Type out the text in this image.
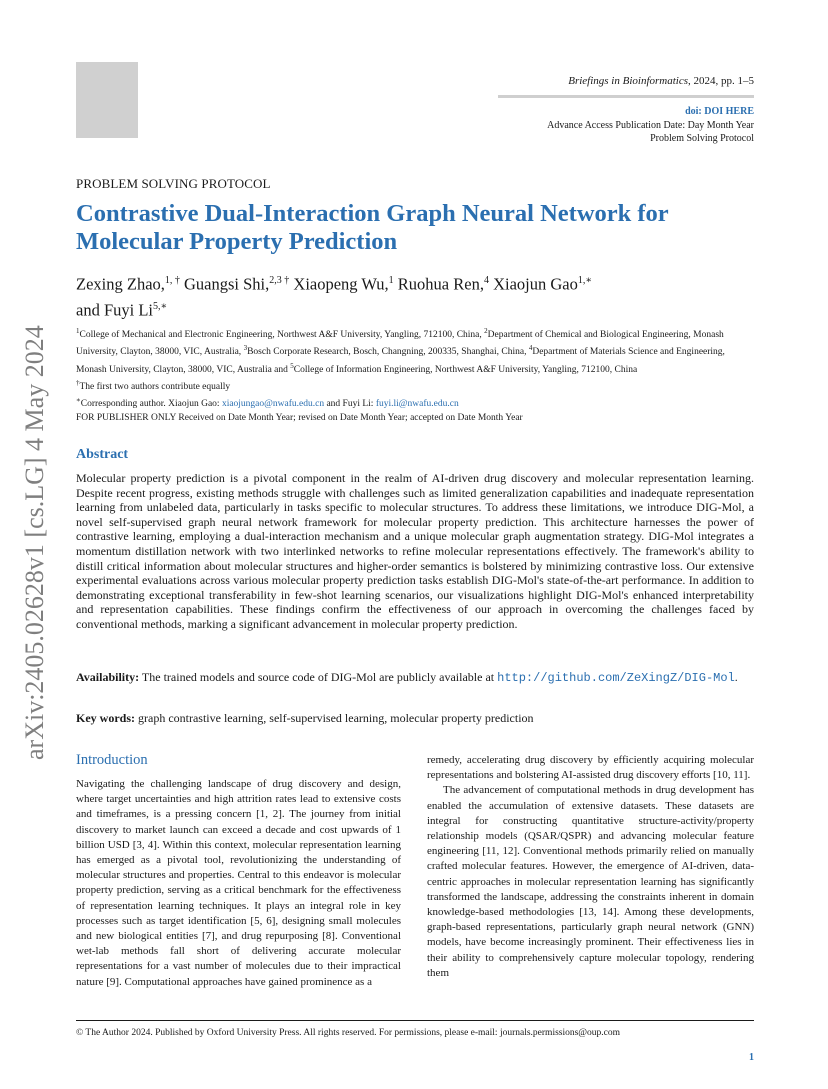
Briefings in Bioinformatics, 2024, pp. 1–5
doi: DOI HERE
Advance Access Publication Date: Day Month Year
Problem Solving Protocol
PROBLEM SOLVING PROTOCOL
Contrastive Dual-Interaction Graph Neural Network for Molecular Property Prediction
Zexing Zhao,$^{1, \dagger}$ Guangsi Shi,$^{2,3 \dagger}$ Xiaopeng Wu,$^1$ Ruohua Ren,$^4$ Xiaojun Gao$^{1,∗}$
and Fuyi $Li^{5,∗}$
$^1$College of Mechanical and Electronic Engineering, Northwest A&F University, Yangling, 712100, China, $^2$Department of Chemical and Biological Engineering, Monash University, Clayton, 38000, VIC, Australia, $^3$Bosch Corporate Research, Bosch, Changning, 200335, Shanghai, China, $^4$Department of Materials Science and Engineering, Monash University, Clayton, 38000, VIC, Australia and $^5$College of Information Engineering, Northwest A&F University, Yangling, 712100, China
†The first two authors contribute equally
∗Corresponding author. Xiaojun Gao: xiaojungao@nwafu.edu.cn and Fuyi Li: fuyi.li@nwafu.edu.cn
FOR PUBLISHER ONLY Received on Date Month Year; revised on Date Month Year; accepted on Date Month Year
arXiv:2405.02628v1 [cs.LG] 4 May 2024 Abstract
Molecular property prediction is a pivotal component in the realm of AI-driven drug discovery and molecular representation learning. Despite recent progress, existing methods struggle with challenges such as limited generalization capabilities and inadequate representation learning from unlabeled data, particularly in tasks specific to molecular structures. To address these limitations, we introduce DIG-Mol, a novel self-supervised graph neural network framework for molecular property prediction. This architecture harnesses the power of contrastive learning, employing a dual-interaction mechanism and a unique molecular graph augmentation strategy. DIG-Mol integrates a momentum distillation network with two interlinked networks to refine molecular representations effectively. The framework's ability to distill critical information about molecular structures and higher-order semantics is bolstered by minimizing contrastive loss. Our extensive experimental evaluations across various molecular property prediction tasks establish DIG-Mol's state-of-the-art performance. In addition to demonstrating exceptional transferability in few-shot learning scenarios, our visualizations highlight DIG-Mol's enhanced interpretability and representation capabilities. These findings confirm the effectiveness of our approach in overcoming the challenges faced by conventional methods, marking a significant advancement in molecular property prediction.
Availability: The trained models and source code of DIG-Mol are publicly available at http://github.com/ZeXingZ/DIG-Mol.
Key words: graph contrastive learning, self-supervised learning, molecular property prediction
Introduction
Navigating the challenging landscape of drug discovery and design, where target uncertainties and high attrition rates lead to extensive costs and timeframes, is a pressing concern [1, 2]. The journey from initial discovery to market launch can exceed a decade and cost upwards of 1 billion USD [3, 4]. Within this context, molecular representation learning has emerged as a pivotal tool, revolutionizing the understanding of molecular structures and properties. Central to this endeavor is molecular property prediction, serving as a critical benchmark for the effectiveness of representation learning techniques. It plays an integral role in key processes such as target identification [5, 6], designing small molecules and new biological entities [7], and drug repurposing [8]. Conventional wet-lab methods fall short of delivering accurate molecular representations for a vast number of molecules due to their impractical nature [9]. Computational approaches have gained prominence as a

remedy, accelerating drug discovery by efficiently acquiring molecular representations and bolstering AI-assisted drug discovery efforts [10, 11].

The advancement of computational methods in drug development has enabled the accumulation of extensive datasets. These datasets are integral for constructing quantitative structure-activity/property relationship models (QSAR/QSPR) and advancing molecular feature engineering [11, 12]. Conventional methods primarily relied on manually crafted molecular features. However, the emergence of AI-driven, data-centric approaches in molecular representation learning has significantly transformed the landscape, addressing the constraints inherent in domain knowledge-based methodologies [13, 14]. Among these developments, graph-based representations, particularly graph neural network (GNN) models, have become increasingly prominent. Their effectiveness lies in their ability to comprehensively capture molecular topology, rendering them

© The Author 2024. Published by Oxford University Press. All rights reserved. For permissions, please e-mail: journals.permissions@oup.com
1
